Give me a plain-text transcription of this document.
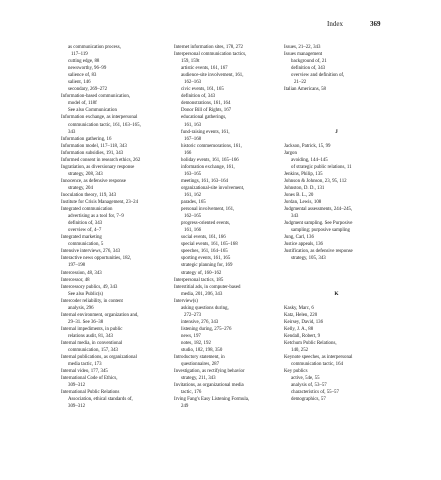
Index	369
as communication process,
117–119
cutting edge, 88
newsworthy, 96–99
salience of, 83
salient, 146
secondary, 269–272
Information-based communication,
model of, 118f
See also Communication
Information exchange, as interpersonal
communication tactic, 161, 163–165,
343
Information gathering, 16
Information model, 117–118, 343
Information subsidies, 191, 343
Informed consent in research ethics, 262
Ingratiation, as diversionary response
strategy, 208, 343
Innocence, as defensive response
strategy, 204
Inoculation theory, 119, 343
Institute for Crisis Management, 23–24
Integrated communication
advertising as a tool for, 7–9
definition of, 343
overview of, 4–7
Integrated marketing
communication, 5
Intensive interviews, 276, 343
Interactive news opportunities, 182,
197–198
Intercession, 48, 343
Intercessor, 48
Intercessory publics, 49, 343
See also Public(s)
Intercoder reliability, in content
analysis, 296
Internal environment, organization and,
29–31. See 36–38
Internal impediments, in public
relations audit, 81, 343
Internal media, in conventional
communication, 157, 343
Internal publications, as organizational
media tactic, 173
Internal video, 177, 345
International Code of Ethics,
309–312
International Public Relations
Association, ethical standards of,
309–312
Internet information sites, 178, 272
Interpersonal communication tactics,
159, 159t
artistic events, 161, 167
audience-site involvement, 161,
162–163
civic events, 161, 165
definition of, 343
demonstrations, 161, 164
Donor Bill of Rights, 167
educational gatherings,
161, 163
fund-raising events, 161,
167–168
historic commemorations, 161,
166
holiday events, 161, 165–166
information exchange, 161,
163–165
meetings, 161, 163–164
organizational-site involvement,
161, 162
parades, 165
personal involvement, 161,
162–165
progress-oriented events,
161, 166
social events, 161, 166
special events, 161, 165–168
speeches, 161, 164–165
sporting events, 161, 165
strategic planning for, 169
strategy of, 160–162
Interpersonal tactics, 185
Interstitial ads, in computer-based
media, 201, 206, 343
Interview(s)
asking questions during,
272–273
intensive, 276, 343
listening during, 275–276
news, 197
notes, 182, 192
studio, 182, 198, 350
Introductory statement, in
questionnaires, 287
Investigation, as rectifying behavior
strategy, 211, 343
Invitations, as organizational media
tactic, 176
Irving Fang's Easy Listening Formula,
249
Issues, 21–22, 343
Issues management
background of, 21
definition of, 343
overview and definition of,
21–22
Italian Americans, 58
J
Jackson, Patrick, 15, 99
Jargon
avoiding, 144–145
of strategic public relations, 11
Jenkins, Philip, 135
Johnson & Johnson, 23, 95, 112
Johnston, D. D., 131
Jones B. L., 20
Jordan, Lewis, 108
Judgmental assessments, 244–245,
343
Judgment sampling. See Purposive
sampling; purposive sampling
Jung, Carl, 136
Justice appeals, 136
Justification, as defensive response
strategy, 105, 343
K
Kasky, Marc, 6
Katz, Helen, 220
Keirsey, David, 136
Kelly, J. A., 88
Kendall, Robert, 9
Ketchum Public Relations,
140, 252
Keynote speeches, as interpersonal
communication tactic, 164
Key publics
active, 54e, 55
analysis of, 53–57
characteristics of, 55–57
demographics, 57
